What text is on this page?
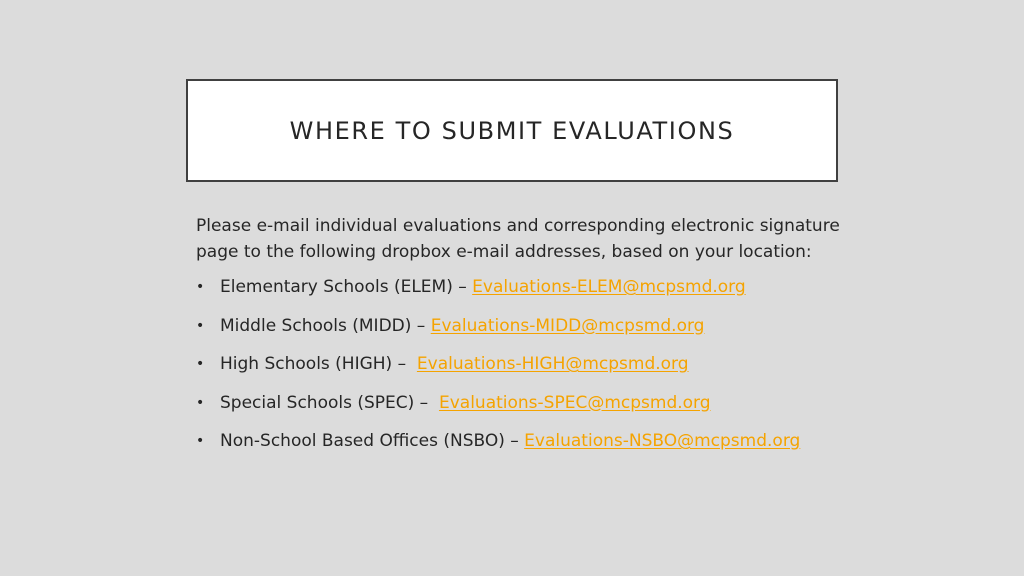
WHERE TO SUBMIT EVALUATIONS

Please e-mail individual evaluations and corresponding electronic signature page to the following dropbox e-mail addresses, based on your location:

• Elementary Schools (ELEM) – Evaluations-ELEM@mcpsmd.org
• Middle Schools (MIDD) – Evaluations-MIDD@mcpsmd.org
• High Schools (HIGH) –  Evaluations-HIGH@mcpsmd.org
• Special Schools (SPEC) –  Evaluations-SPEC@mcpsmd.org
• Non-School Based Offices (NSBO) – Evaluations-NSBO@mcpsmd.org
